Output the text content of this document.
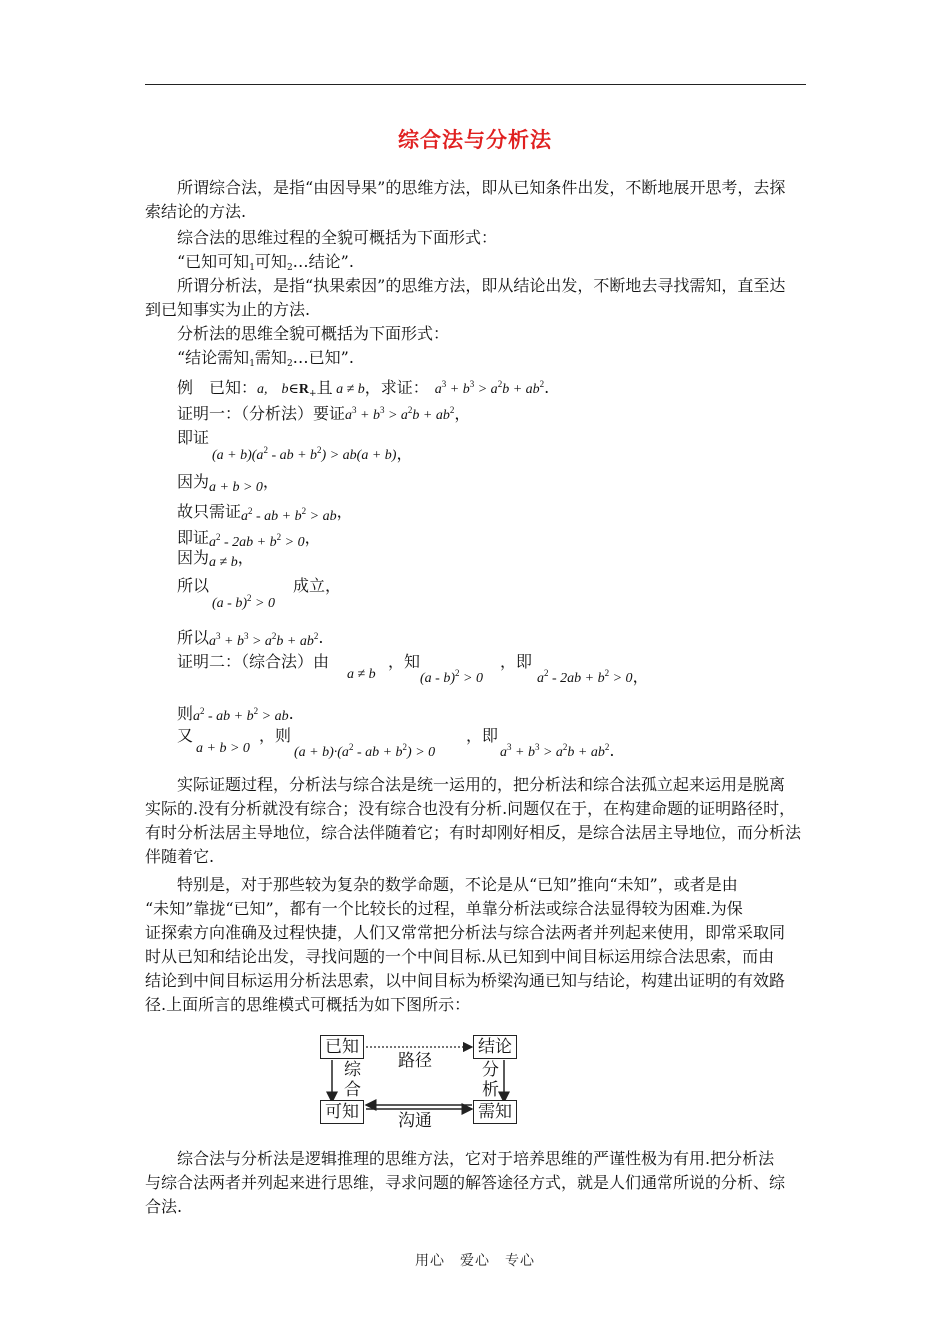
综合法与分析法
所谓综合法，是指“由因导果”的思维方法，即从已知条件出发，不断地展开思考，去探
索结论的方法.
综合法的思维过程的全貌可概括为下面形式：
“已知可知$_1$可知$_2$…结论”.
所谓分析法，是指“执果索因”的思维方法，即从结论出发，不断地去寻找需知，直至达
到已知事实为止的方法.
分析法的思维全貌可概括为下面形式：
“结论需知$_1$需知$_2$…已知”.
例　已知：a,　$b\in R_+$且 a ≠ b，求证： $a^3 + b^3 > a^2b + ab^2$.
证明一：（分析法）要证$a^3 + b^3 > a^2b + ab^2$，
即证
$(a + b)(a^2$ - ab + $b^2) > ab(a + b)$，
因为a + b > 0，
故只需证$a^2$ - ab + $b^2$ > ab，
即证$a^2 - 2ab + b^2 > 0$，
因为a ≠ b，
所以
(a - b)$^2$ > 0
成立，
所以$a^3 + b^3 > a^2b + ab^2$.
证明二：（综合法）由
a ≠ b
，知
(a - b)$^2$ > 0
，即
$a^2 - 2ab + b^2 > 0$，
则$a^2$ - ab + $b^2$ > ab.
又
a + b > 0
，则
$(a + b)\cdot(a^2$ - ab + $b^2) > 0$
，即
$a^3 + b^3 > a^2b + ab^2$.
实际证题过程，分析法与综合法是统一运用的，把分析法和综合法孤立起来运用是脱离
实际的.没有分析就没有综合；没有综合也没有分析.问题仅在于，在构建命题的证明路径时，
有时分析法居主导地位，综合法伴随着它；有时却刚好相反，是综合法居主导地位，而分析法
伴随着它.
特别是，对于那些较为复杂的数学命题，不论是从“已知”推向“未知”，或者是由
“未知”靠拢“已知”，都有一个比较长的过程，单靠分析法或综合法显得较为困难.为保
证探索方向准确及过程快捷，人们又常常把分析法与综合法两者并列起来使用，即常采取同
时从已知和结论出发，寻找问题的一个中间目标.从已知到中间目标运用综合法思索，而由
结论到中间目标运用分析法思索，以中间目标为桥梁沟通已知与结论，构建出证明的有效路
径.上面所言的思维模式可概括为如下图所示：
已知	结论
可知	需知
路径
综合
分析
沟通
综合法与分析法是逻辑推理的思维方法，它对于培养思维的严谨性极为有用.把分析法
与综合法两者并列起来进行思维，寻求问题的解答途径方式，就是人们通常所说的分析、综
合法.
用心　爱心　专心
